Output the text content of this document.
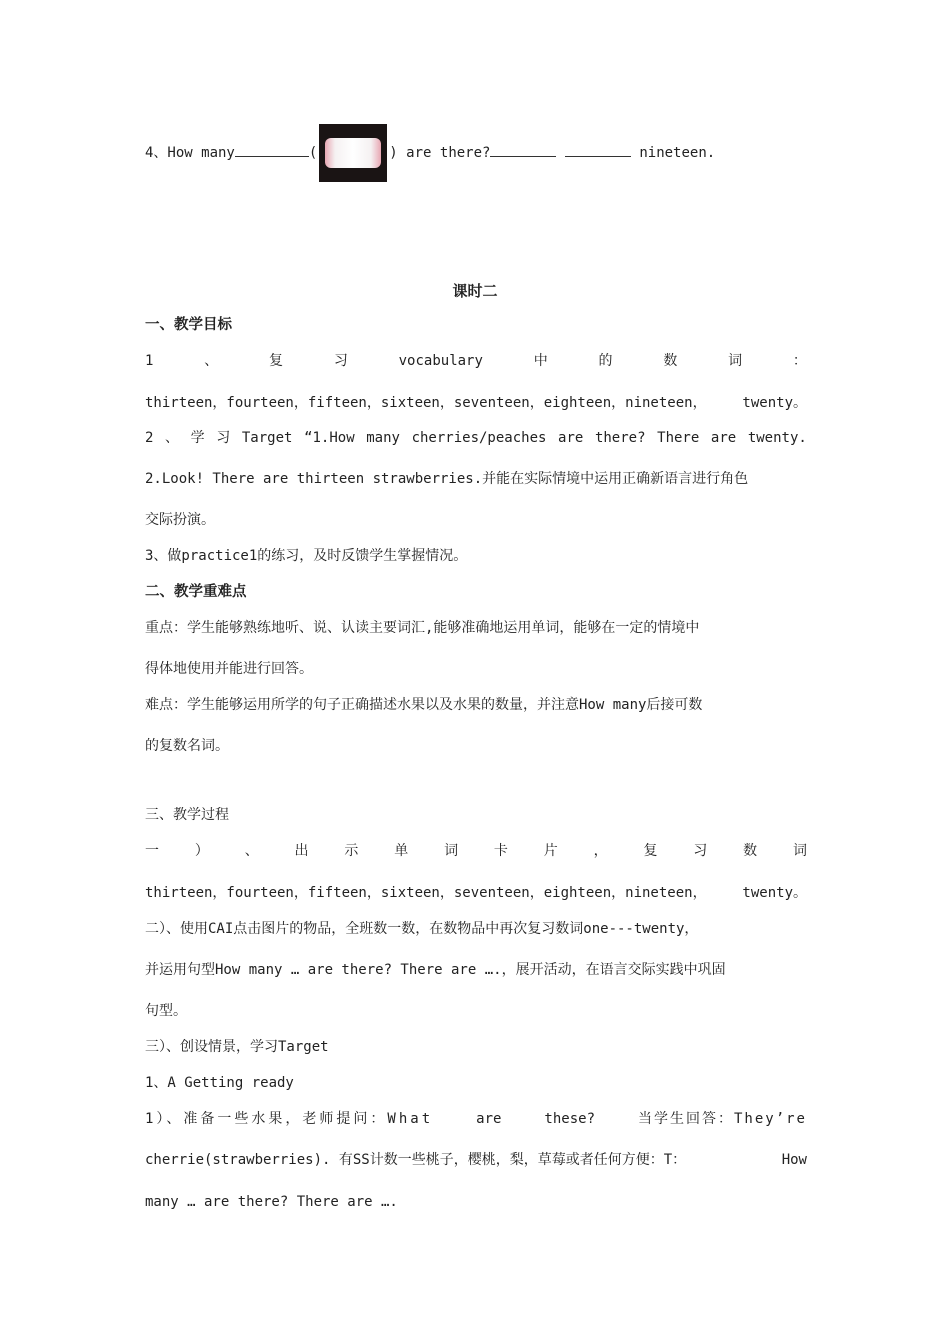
4、How many	(	) are there?	nineteen.
课时二
一、教学目标
1	、	复	习	vocabulary	中	的	数	词	：
thirteen，fourteen，fifteen，sixteen，seventeen，eighteen，nineteen，	twenty。
2 、 学 习 Target “1.How many cherries/peaches are there? There are twenty.
2.Look! There are thirteen strawberries.并能在实际情境中运用正确新语言进行角色
交际扮演。
3、做practice1的练习，及时反馈学生掌握情况。
二、教学重难点
重点：学生能够熟练地听、说、认读主要词汇,能够准确地运用单词，能够在一定的情境中
得体地使用并能进行回答。
难点：学生能够运用所学的句子正确描述水果以及水果的数量，并注意How many后接可数
的复数名词。
三、教学过程
一	）	、	出	示	单	词	卡	片	，	复	习	数	词
thirteen，fourteen，fifteen，sixteen，seventeen，eighteen，nineteen，	twenty。
二）、使用CAI点击图片的物品，全班数一数，在数物品中再次复习数词one---twenty，
并运用句型How many … are there? There are ….，展开活动，在语言交际实践中巩固
句型。
三）、创设情景，学习Target
1、A Getting ready
1）、准备一些水果，老师提问：What	are	these?	当学生回答：They’re
cherrie(strawberries). 有SS计数一些桃子，樱桃，梨，草莓或者任何方便：T：	How
many … are there? There are ….
